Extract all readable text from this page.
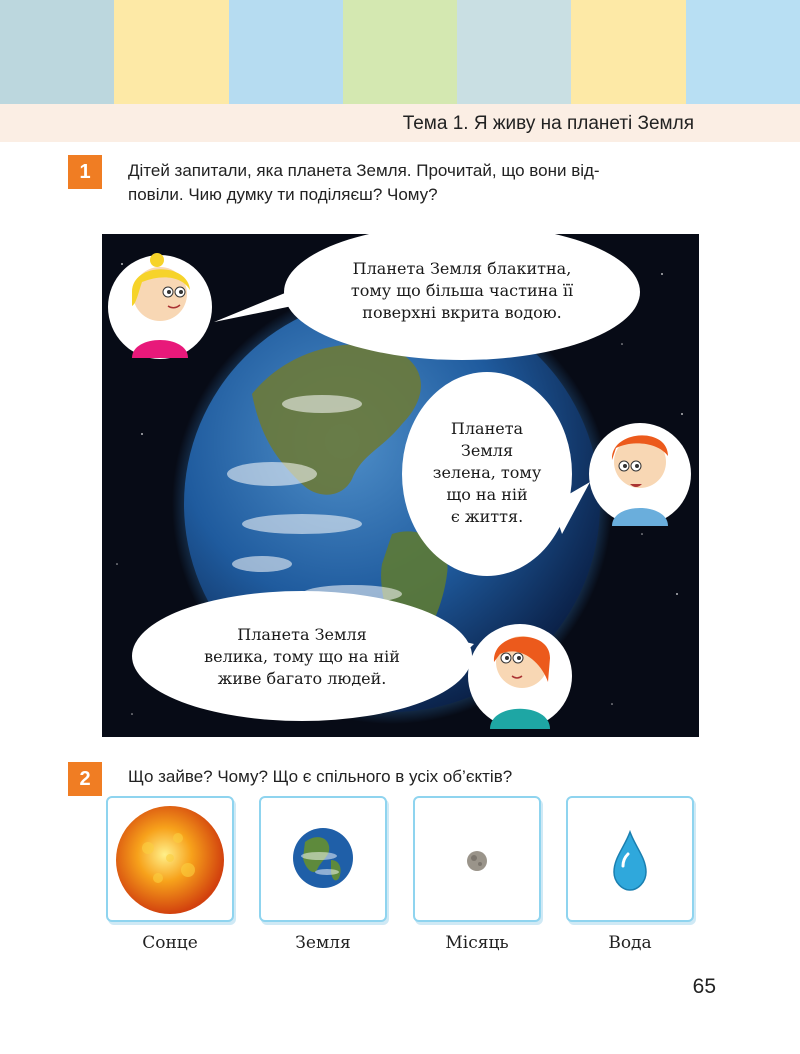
Тема 1. Я живу на планеті Земля
1	Дітей запитали, яка планета Земля. Прочитай, що вони від-
повіли. Чию думку ти поділяєш? Чому?
Планета Земля блакитна,
тому що більша частина її
поверхні вкрита водою.
Планета
Земля
зелена, тому
що на ній
є життя.
Планета Земля
велика, тому що на ній
живе багато людей.
2	Що зайве? Чому? Що є спільного в усіх об’єктів?
Сонце	Земля	Місяць	Вода
65
